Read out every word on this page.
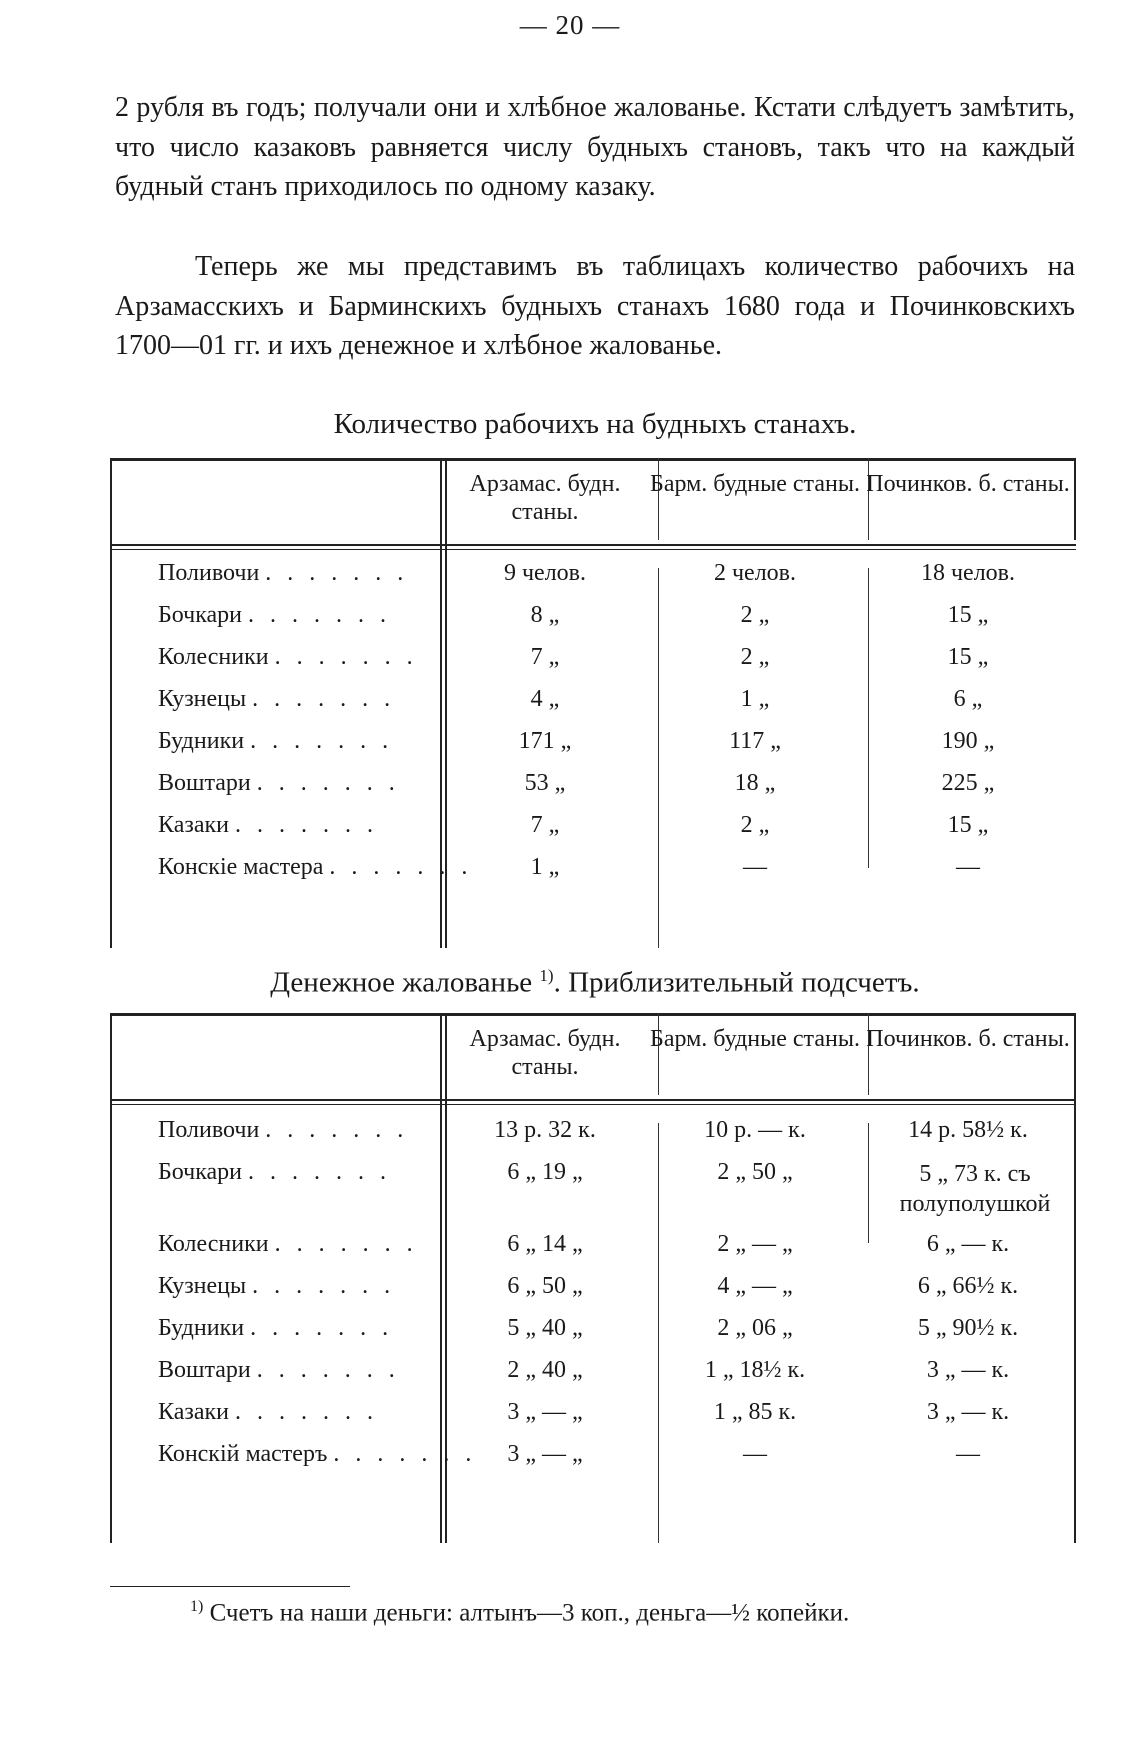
— 20 —

2 рубля въ годъ; получали они и хлѣбное жалованье. Кстати слѣдуетъ замѣтить, что число казаковъ равняется числу будныхъ становъ, такъ что на каждый будный станъ приходилось по одному казаку.

Теперь же мы представимъ въ таблицахъ количество рабочихъ на Арзамасскихъ и Барминскихъ будныхъ станахъ 1680 года и Починковскихъ 1700—01 гг. и ихъ денежное и хлѣбное жалованье.

Количество рабочихъ на будныхъ станахъ.

Арзамас. будн. станы.
Барм. будные станы. Починков. б. станы.
Поливочи . . . . . . .	9 челов.	2 челов.	18 челов.
Бочкари . . . . . . .	8 „	2 „	15 „
Колесники . . . . . . .	7 „	2 „	15 „
Кузнецы . . . . . . .	4 „	1 „	6 „
Будники . . . . . . .	171 „	117 „	190 „
Воштари . . . . . . .	53 „	18 „	225 „
Казаки . . . . . . .	7 „	2 „	15 „
Конскіе мастера . . . . . . .	1 „	—	—

Денежное жалованье $^{1)}$. Приблизительный подсчетъ.

Арзамас. будн. станы.
Барм. будные станы. Починков. б. станы.
Поливочи . . . . . . .	13 р. 32 к.	10 р. — к.	14 р. 58½ к.
Бочкари . . . . . . .	6 „ 19 „	2 „ 50 „	5 „ 73 к. съ полуполушкой
Колесники . . . . . . .	6 „ 14 „	2 „ — „	6 „ — к.
Кузнецы . . . . . . .	6 „ 50 „	4 „ — „	6 „ 66½ к.
Будники . . . . . . .	5 „ 40 „	2 „ 06 „	5 „ 90½ к.
Воштари . . . . . . .	2 „ 40 „	1 „ 18½ к.	3 „ — к.
Казаки . . . . . . .	3 „ — „	1 „ 85 к.	3 „ — к.
Конскій мастеръ . . . . . . .	3 „ — „	—	—

$^{1)}$ Счетъ на наши деньги: алтынъ—3 коп., деньга—½ копейки.
